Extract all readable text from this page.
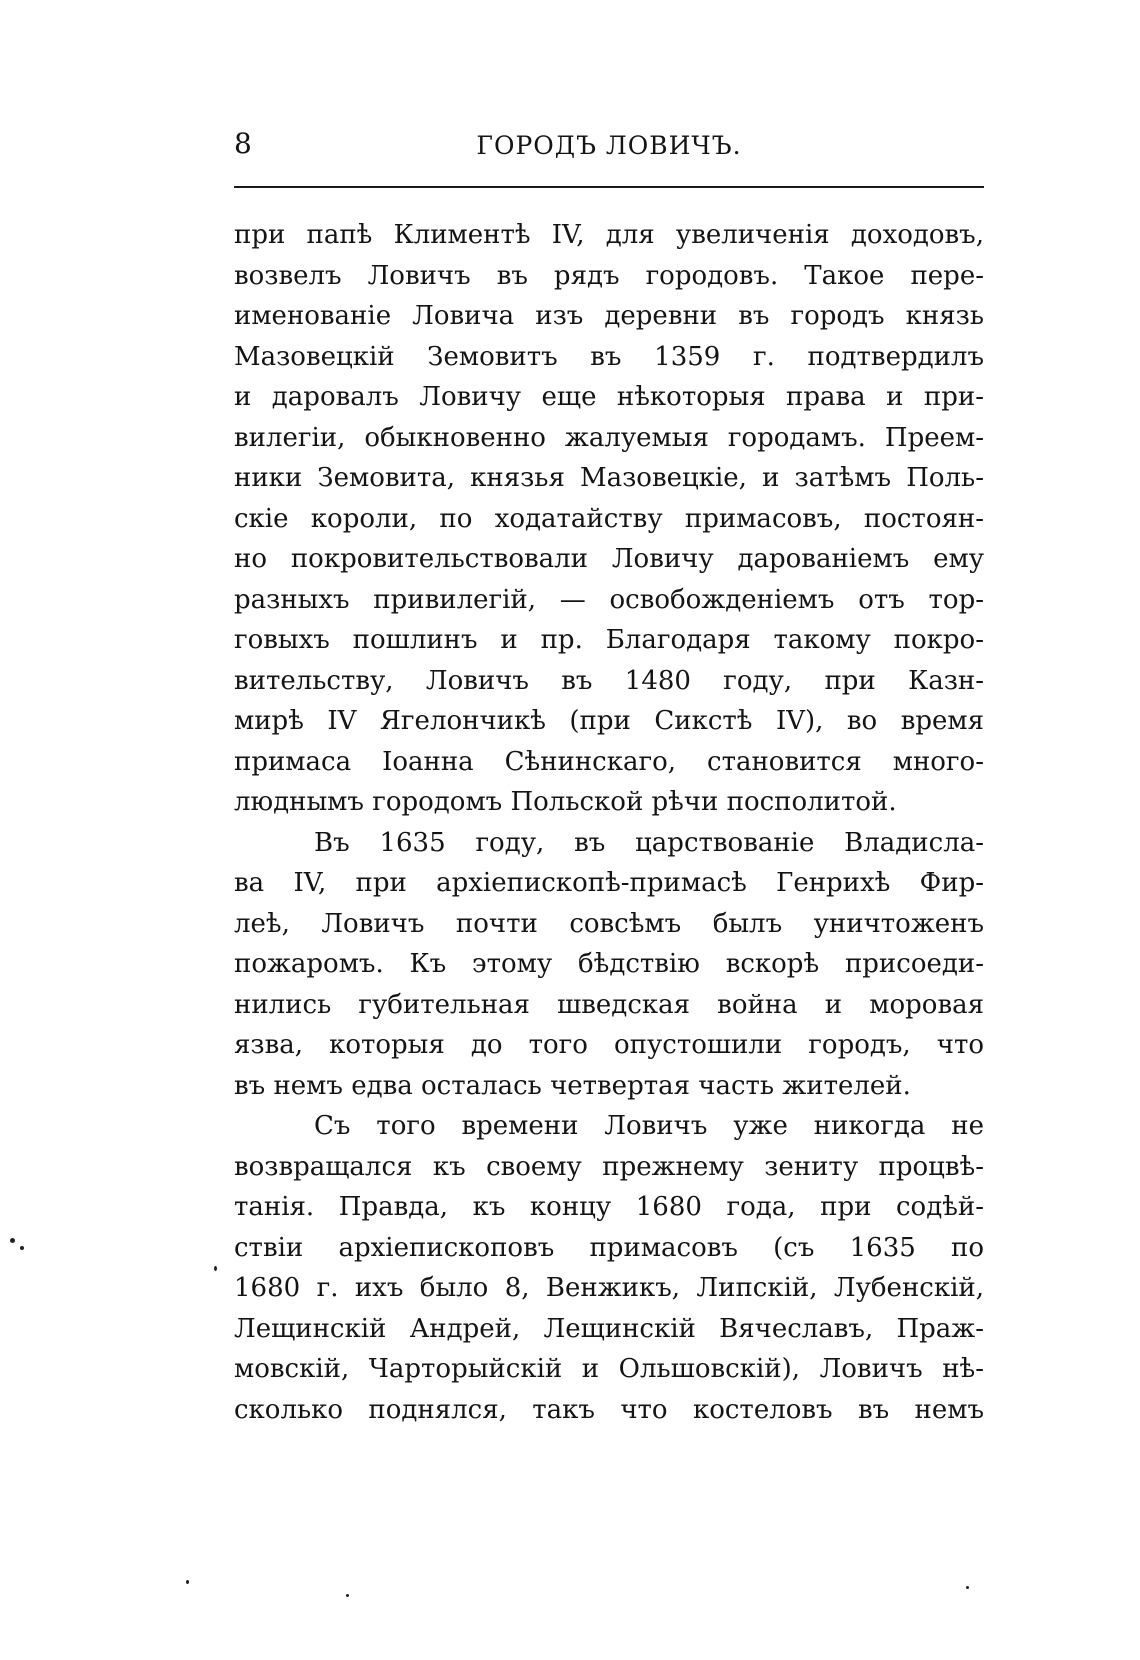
8	ГОРОДЪ ЛОВИЧЪ.
при папѣ Климентѣ IV, для увеличенія доходовъ,
возвелъ Ловичъ въ рядъ городовъ. Такое пере-
именованіе Ловича изъ деревни въ городъ князь
Мазовецкій Земовитъ въ 1359 г. подтвердилъ
и даровалъ Ловичу еще нѣкоторыя права и при-
вилегіи, обыкновенно жалуемыя городамъ. Преем-
ники Земовита, князья Мазовецкіе, и затѣмъ Поль-
скіе короли, по ходатайству примасовъ, постоян-
но покровительствовали Ловичу дарованіемъ ему
разныхъ привилегій, — освобожденіемъ отъ тор-
говыхъ пошлинъ и пр. Благодаря такому покро-
вительству, Ловичъ въ 1480 году, при Казн-
мирѣ IV Ягелончикѣ (при Сикстѣ IV), во время
примаса Іоанна Сѣнинскаго, становится много-
люднымъ городомъ Польской рѣчи посполитой.
Въ 1635 году, въ царствованіе Владисла-
ва IV, при архіепископѣ-примасѣ Генрихѣ Фир-
леѣ, Ловичъ почти совсѣмъ былъ уничтоженъ
пожаромъ. Къ этому бѣдствію вскорѣ присоеди-
нились губительная шведская война и моровая
язва, которыя до того опустошили городъ, что
въ немъ едва осталась четвертая часть жителей.
Съ того времени Ловичъ уже никогда не
возвращался къ своему прежнему зениту процвѣ-
танія. Правда, къ концу 1680 года, при содѣй-
ствіи архіепископовъ примасовъ (съ 1635 по
1680 г. ихъ было 8, Венжикъ, Липскій, Лубенскій,
Лещинскій Андрей, Лещинскій Вячеславъ, Праж-
мовскій, Чарторыйскій и Ольшовскій), Ловичъ нѣ-
сколько поднялся, такъ что костеловъ въ немъ
